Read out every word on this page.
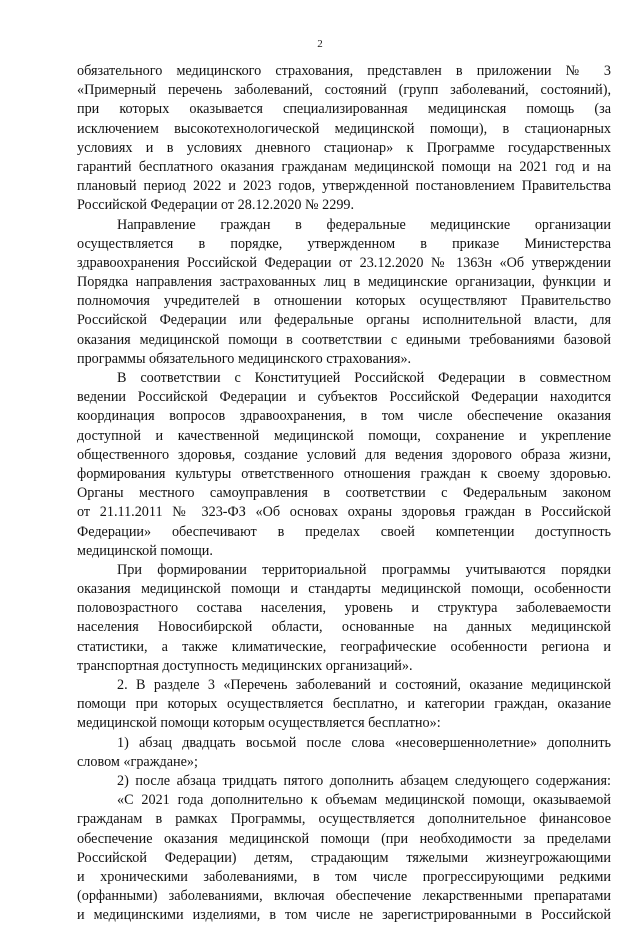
2
обязательного медицинского страхования, представлен в приложении № 3
«Примерный перечень заболеваний, состояний (групп заболеваний, состояний),
при которых оказывается специализированная медицинская помощь (за
исключением высокотехнологической медицинской помощи), в стационарных
условиях и в условиях дневного стационар» к Программе государственных
гарантий бесплатного оказания гражданам медицинской помощи на 2021 год и на
плановый период 2022 и 2023 годов, утвержденной постановлением Правительства
Российской Федерации от 28.12.2020 № 2299.
Направление граждан в федеральные медицинские организации
осуществляется в порядке, утвержденном в приказе Министерства
здравоохранения Российской Федерации от 23.12.2020 № 1363н «Об утверждении
Порядка направления застрахованных лиц в медицинские организации, функции и
полномочия учредителей в отношении которых осуществляют Правительство
Российской Федерации или федеральные органы исполнительной власти, для
оказания медицинской помощи в соответствии с едиными требованиями базовой
программы обязательного медицинского страхования».
В соответствии с Конституцией Российской Федерации в совместном
ведении Российской Федерации и субъектов Российской Федерации находится
координация вопросов здравоохранения, в том числе обеспечение оказания
доступной и качественной медицинской помощи, сохранение и укрепление
общественного здоровья, создание условий для ведения здорового образа жизни,
формирования культуры ответственного отношения граждан к своему здоровью.
Органы местного самоуправления в соответствии с Федеральным законом
от 21.11.2011 № 323-ФЗ «Об основах охраны здоровья граждан в Российской
Федерации» обеспечивают в пределах своей компетенции доступность
медицинской помощи.
При формировании территориальной программы учитываются порядки
оказания медицинской помощи и стандарты медицинской помощи, особенности
половозрастного состава населения, уровень и структура заболеваемости
населения Новосибирской области, основанные на данных медицинской
статистики, а также климатические, географические особенности региона и
транспортная доступность медицинских организаций».
2. В разделе 3 «Перечень заболеваний и состояний, оказание медицинской
помощи при которых осуществляется бесплатно, и категории граждан, оказание
медицинской помощи которым осуществляется бесплатно»:
1) абзац двадцать восьмой после слова «несовершеннолетние» дополнить
словом «граждане»;
2) после абзаца тридцать пятого дополнить абзацем следующего содержания:
«С 2021 года дополнительно к объемам медицинской помощи, оказываемой
гражданам в рамках Программы, осуществляется дополнительное финансовое
обеспечение оказания медицинской помощи (при необходимости за пределами
Российской Федерации) детям, страдающим тяжелыми жизнеугрожающими
и хроническими заболеваниями, в том числе прогрессирующими редкими
(орфанными) заболеваниями, включая обеспечение лекарственными препаратами
и медицинскими изделиями, в том числе не зарегистрированными в Российской
